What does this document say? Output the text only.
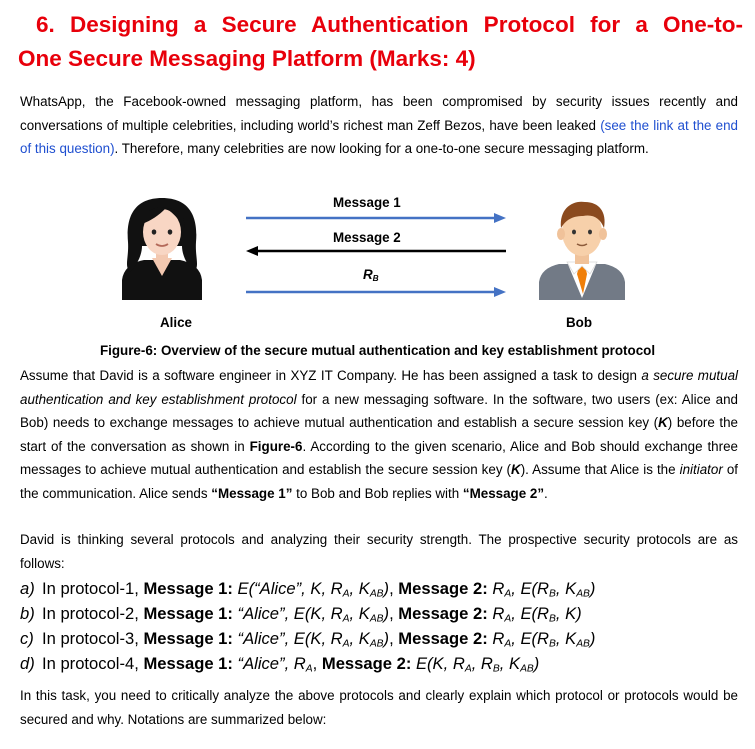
6. Designing a Secure Authentication Protocol for a One-to-
One Secure Messaging Platform (Marks: 4)

WhatsApp, the Facebook-owned messaging platform, has been compromised by security issues recently and conversations of multiple celebrities, including world’s richest man Zeff Bezos, have been leaked (see the link at the end of this question). Therefore, many celebrities are now looking for a one-to-one secure messaging platform.

Message 1
Message 2
$R_B$
Alice	Bob

Figure-6: Overview of the secure mutual authentication and key establishment protocol

Assume that David is a software engineer in XYZ IT Company. He has been assigned a task to design a secure mutual authentication and key establishment protocol for a new messaging software. In the software, two users (ex: Alice and Bob) needs to exchange messages to achieve mutual authentication and establish a secure session key (K) before the start of the conversation as shown in Figure-6. According to the given scenario, Alice and Bob should exchange three messages to achieve mutual authentication and establish the secure session key (K). Assume that Alice is the initiator of the communication. Alice sends “Message 1” to Bob and Bob replies with “Message 2”.

David is thinking several protocols and analyzing their security strength. The prospective security protocols are as follows:

a) In protocol-1, Message 1: E(“Alice”, K, $R_A$, $K_{AB}$), Message 2: $R_A$, $E(R_B$, $K_{AB}$)
b) In protocol-2, Message 1: “Alice”, E(K, $R_A$, $K_{AB}$), Message 2: $R_A$, $E(R_B$, K)
c) In protocol-3, Message 1: “Alice”, E(K, $R_A$, $K_{AB}$), Message 2: $R_A$, $E(R_B$, $K_{AB}$)
d) In protocol-4, Message 1: “Alice”, $R_A$, Message 2: E(K, $R_A$, $R_B$, $K_{AB}$)

In this task, you need to critically analyze the above protocols and clearly explain which protocol or protocols would be secured and why. Notations are summarized below:
